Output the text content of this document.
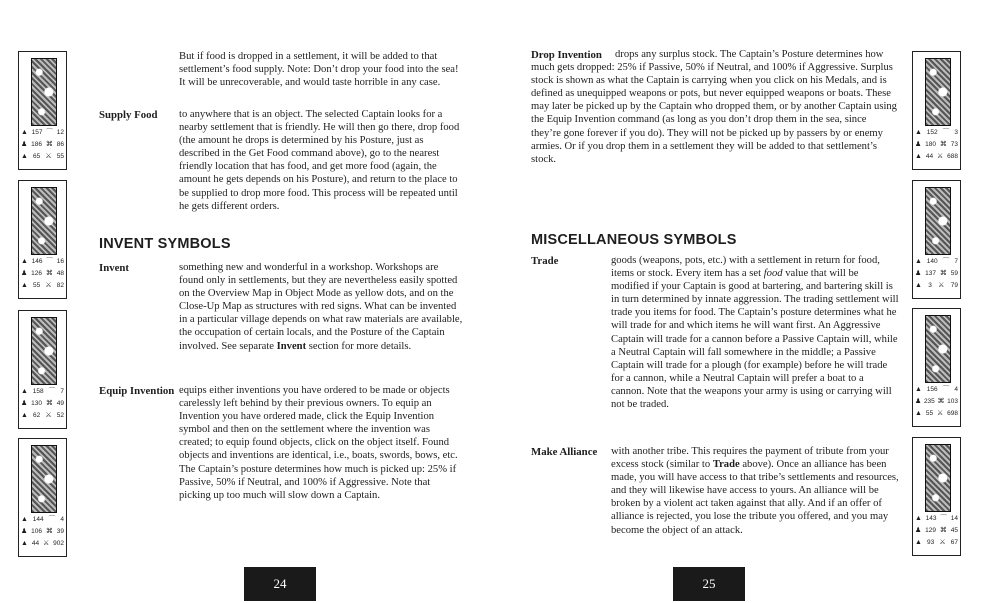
▲ 157 ⌒ 12
♟ 186 ⌘ 86
▲ 65 ⚔ 55
▲ 146 ⌒ 16
♟ 126 ⌘ 48
▲ 55 ⚔ 82
▲ 158 ⌒ 7
♟ 130 ⌘ 49
▲ 62 ⚔ 52
▲ 144 ⌒ 4
♟ 106 ⌘ 39
▲ 44 ⚔ 902
▲ 152 ⌒ 3
♟ 180 ⌘ 73
▲ 44 ⚔ 688
▲ 140 ⌒ 7
♟ 137 ⌘ 59
▲ 3 ⚔ 79
▲ 156 ⌒ 4
♟ 235 ⌘ 103
▲ 55 ⚔ 698
▲ 143 ⌒ 14
♟ 129 ⌘ 45
▲ 93 ⚔ 67
But if food is dropped in a settlement, it will be added to that settlement’s food supply. Note: Don’t drop your food into the sea! It will be unrecoverable, and would taste horrible in any case.
Supply Food to anywhere that is an object. The selected Captain looks for a nearby settlement that is friendly. He will then go there, drop food (the amount he drops is determined by his Posture, just as described in the Get Food command above), go to the nearest friendly location that has food, and get more food (again, the amount he gets depends on his Posture), and return to the place to be supplied to drop more food. This process will be repeated until he gets different orders.
INVENT SYMBOLS
Invent	something new and wonderful in a workshop. Workshops are found only in settlements, but they are nevertheless easily spotted on the Overview Map in Object Mode as yellow dots, and on the Close-Up Map as structures with red signs. What can be invented in a particular village depends on what raw materials are available, the occupation of certain locals, and the Posture of the Captain involved. See separate Invent section for more details.
Equip Invention equips either inventions you have ordered to be made or objects carelessly left behind by their previous owners. To equip an Invention you have ordered made, click the Equip Invention symbol and then on the settlement where the invention was created; to equip found objects, click on the object itself. Found objects and inventions are identical, i.e., boats, swords, bows, etc. The Captain’s posture determines how much is picked up: 25% if Passive, 50% if Neutral, and 100% if Aggressive. Note that picking up too much will slow down a Captain.
24
Drop Invention	drops any surplus stock. The Captain’s Posture determines how much gets dropped: 25% if Passive, 50% if Neutral, and 100% if Aggressive. Surplus stock is shown as what the Captain is carrying when you click on his Medals, and is defined as unequipped weapons or pots, but never equipped weapons or boats. These may later be picked up by the Captain who dropped them, or by another Captain using the Equip Invention command (as long as you don’t drop them in the sea, since they’re gone forever if you do). They will not be picked up by passers by or enemy armies. Or if you drop them in a settlement they will be added to that settlement’s stock.
MISCELLANEOUS SYMBOLS
Trade	goods (weapons, pots, etc.) with a settlement in return for food, items or stock. Every item has a set food value that will be modified if your Captain is good at bartering, and bartering skill is in turn determined by innate aggression. The trading settlement will trade you items for food. The Captain’s posture determines what he will trade for and which items he will want first. An Aggressive Captain will trade for a cannon before a Passive Captain will, while a Neutral Captain will fall somewhere in the middle; a Passive Captain will trade for a plough (for example) before he will trade for a cannon, while a Neutral Captain will prefer a boat to a cannon. Note that the weapons your army is using or carrying will not be traded.
Make Alliance with another tribe. This requires the payment of tribute from your excess stock (similar to Trade above). Once an alliance has been made, you will have access to that tribe’s settlements and resources, and they will likewise have access to yours. An alliance will be broken by a violent act taken against that ally. And if an offer of alliance is rejected, you lose the tribute you offered, and you may become the object of an attack.
25
